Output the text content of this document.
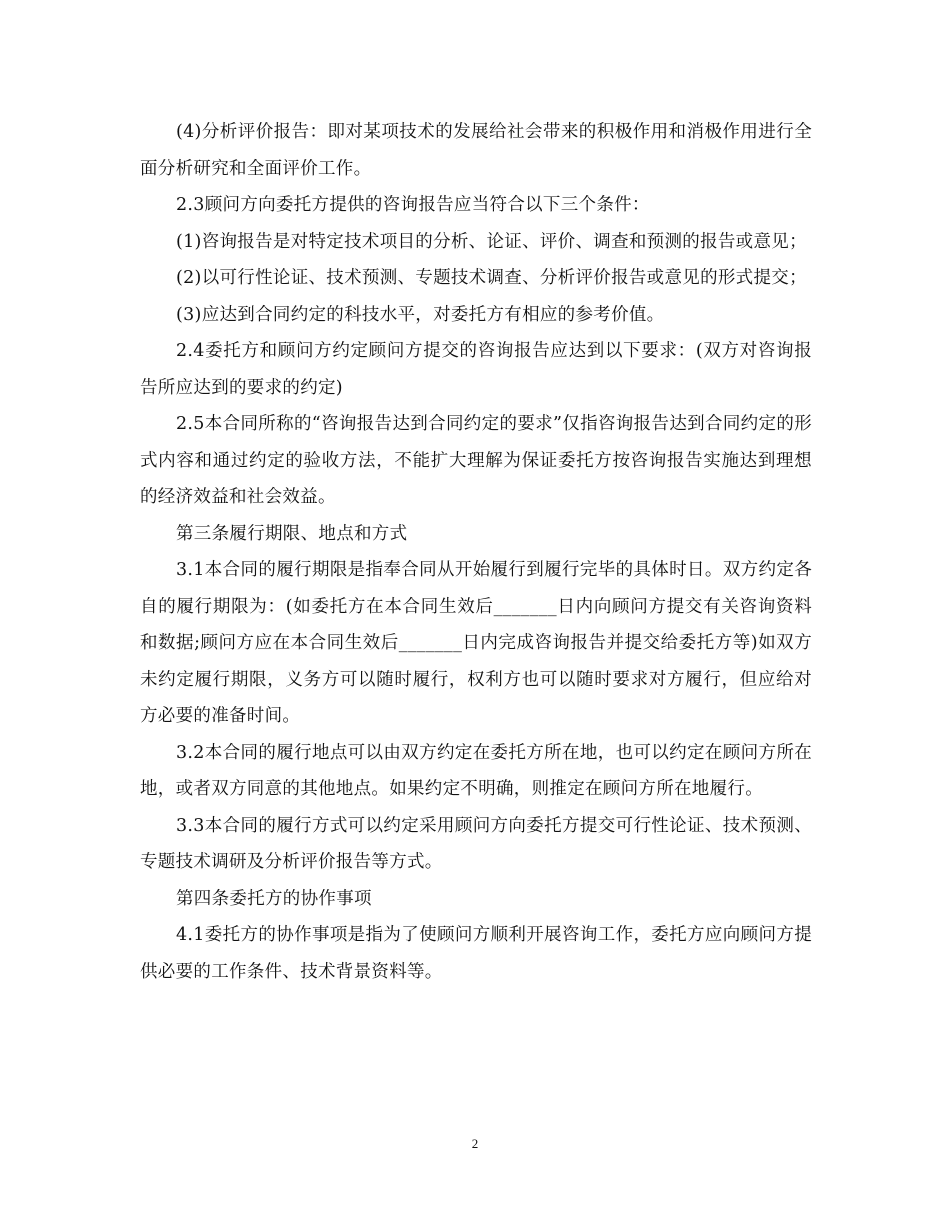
(4)分析评价报告：即对某项技术的发展给社会带来的积极作用和消极作用进行全面分析研究和全面评价工作。

2.3顾问方向委托方提供的咨询报告应当符合以下三个条件：

(1)咨询报告是对特定技术项目的分析、论证、评价、调查和预测的报告或意见；

(2)以可行性论证、技术预测、专题技术调查、分析评价报告或意见的形式提交；

(3)应达到合同约定的科技水平，对委托方有相应的参考价值。

2.4委托方和顾问方约定顾问方提交的咨询报告应达到以下要求：(双方对咨询报告所应达到的要求的约定)

2.5本合同所称的“咨询报告达到合同约定的要求”仅指咨询报告达到合同约定的形式内容和通过约定的验收方法，不能扩大理解为保证委托方按咨询报告实施达到理想的经济效益和社会效益。

第三条履行期限、地点和方式

3.1本合同的履行期限是指奉合同从开始履行到履行完毕的具体时日。双方约定各自的履行期限为：(如委托方在本合同生效后_______日内向顾问方提交有关咨询资料和数据;顾问方应在本合同生效后_______日内完成咨询报告并提交给委托方等)如双方未约定履行期限，义务方可以随时履行，权利方也可以随时要求对方履行，但应给对方必要的准备时间。

3.2本合同的履行地点可以由双方约定在委托方所在地，也可以约定在顾问方所在地，或者双方同意的其他地点。如果约定不明确，则推定在顾问方所在地履行。

3.3本合同的履行方式可以约定采用顾问方向委托方提交可行性论证、技术预测、专题技术调研及分析评价报告等方式。

第四条委托方的协作事项

4.1委托方的协作事项是指为了使顾问方顺利开展咨询工作，委托方应向顾问方提供必要的工作条件、技术背景资料等。

2
